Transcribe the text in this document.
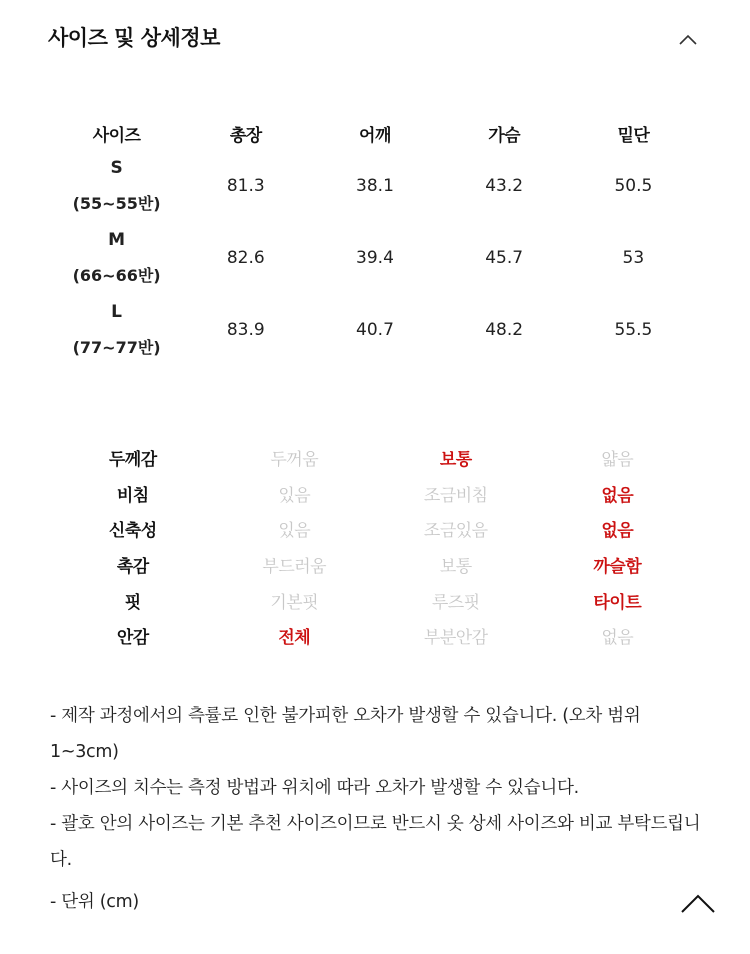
사이즈 및 상세정보
사이즈	총장	어깨	가슴	밑단
S
(55~55반)	81.3	38.1	43.2	50.5
M
(66~66반)	82.6	39.4	45.7	53
L
(77~77반)	83.9	40.7	48.2	55.5
두께감	두꺼움	보통	얇음
비침	있음	조금비침	없음
신축성	있음	조금있음	없음
촉감	부드러움	보통	까슬함
핏	기본핏	루즈핏	타이트
안감	전체	부분안감	없음

- 제작 과정에서의 측률로 인한 불가피한 오차가 발생할 수 있습니다. (오차 범위 1~3cm)

- 사이즈의 치수는 측정 방법과 위치에 따라 오차가 발생할 수 있습니다.

- 괄호 안의 사이즈는 기본 추천 사이즈이므로 반드시 옷 상세 사이즈와 비교 부탁드립니다.

- 단위 (cm)
